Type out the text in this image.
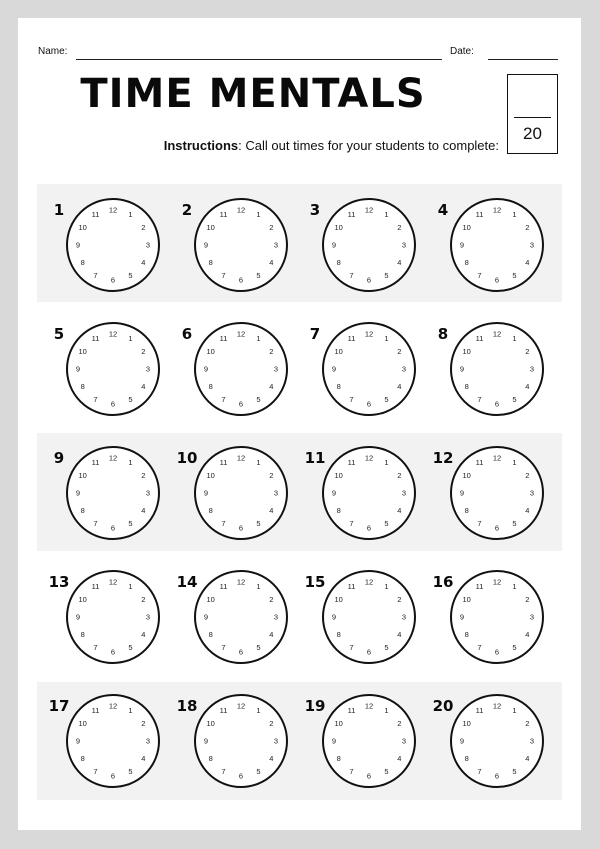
Name:	Date:
TIME MENTALS
Instructions: Call out times for your students to complete:
20
12
1
2
3
4
5
6
7
8
9
10
11
12
1
2
3
4
5
6
7
8
9
10
11
12
1
2
3
4
5
6
7
8
9
10
11
12
1
2
3
4
5
6
7
8
9
10
11
12
1
2
3
4
5
6
7
8
9
10
11
12
1
2
3
4
5
6
7
8
9
10
11
12
1
2
3
4
5
6
7
8
9
10
11
12
1
2
3
4
5
6
7
8
9
10
11
12
1
2
3
4
5
6
7
8
9
10
11
12
1
2
3
4
5
6
7
8
9
10
11
12
1
2
3
4
5
6
7
8
9
10
11
12
1
2
3
4
5
6
7
8
9
10
11
12
1
2
3
4
5
6
7
8
9
10
11
12
1
2
3
4
5
6
7
8
9
10
11
12
1
2
3
4
5
6
7
8
9
10
11
12
1
2
3
4
5
6
7
8
9
10
11
12
1
2
3
4
5
6
7
8
9
10
11
12
1
2
3
4
5
6
7
8
9
10
11
12
1
2
3
4
5
6
7
8
9
10
11
12
1
2
3
4
5
6
7
8
9
10
11
1	2	3	4
5	6	7	8
9	10	11	12
13	14	15	16
17	18	19	20
